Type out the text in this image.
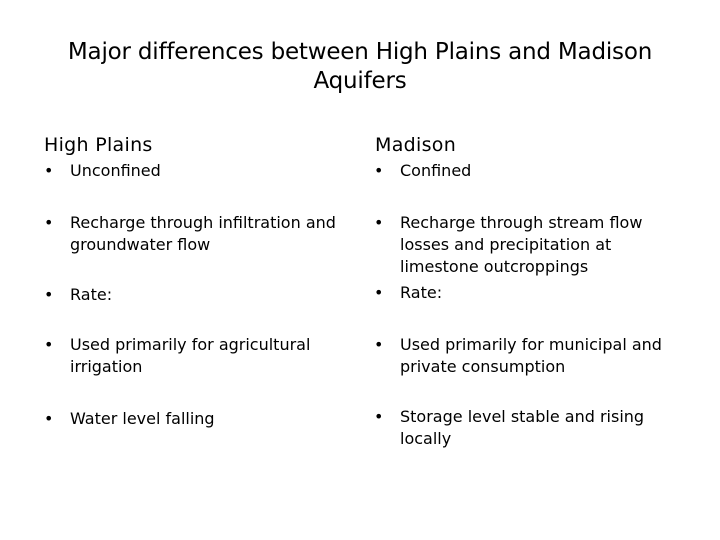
Major differences between High Plains and Madison Aquifers
High Plains	Madison
• Unconfined
• Recharge through infiltration and groundwater flow
• Rate:
• Used primarily for agricultural irrigation
• Water level falling
• Confined
• Recharge through stream flow losses and precipitation at limestone outcroppings
• Rate:
• Used primarily for municipal and private consumption
• Storage level stable and rising locally
